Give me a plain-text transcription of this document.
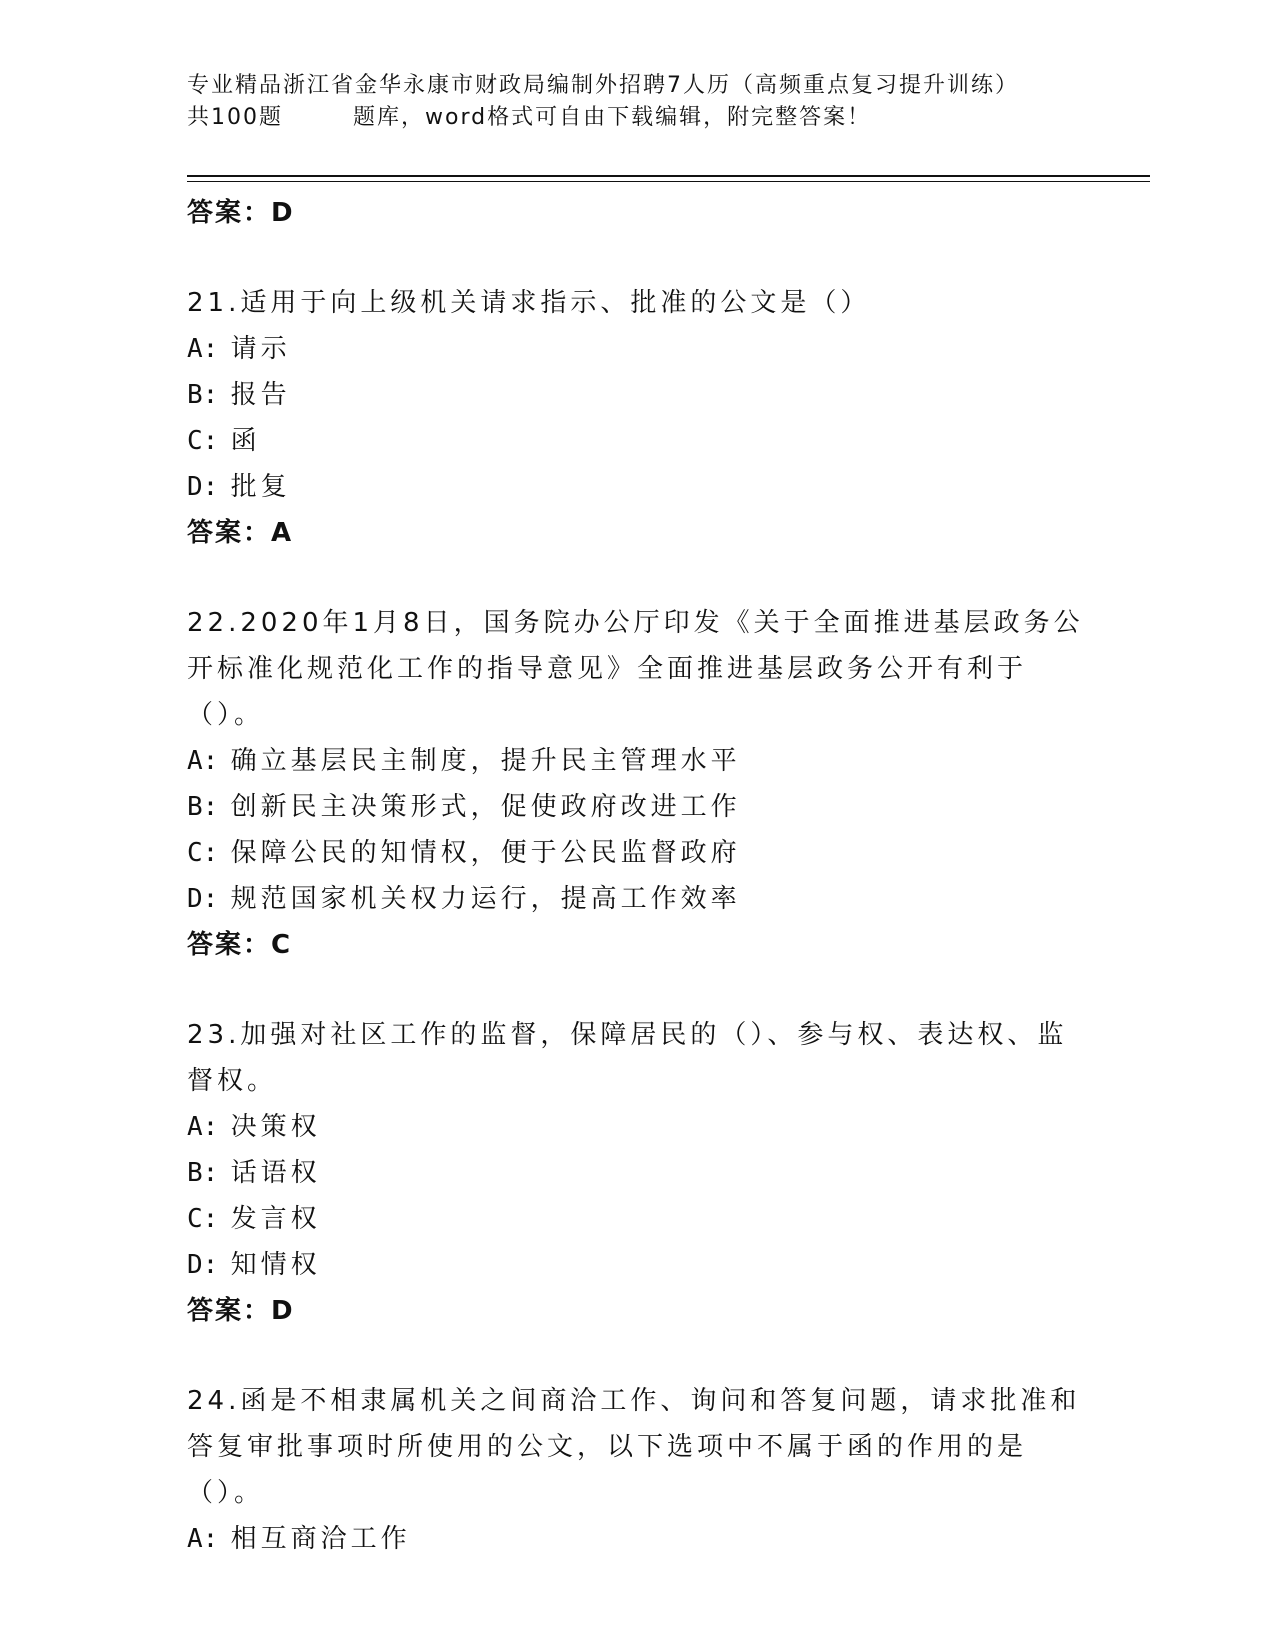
专业精品浙江省金华永康市财政局编制外招聘7人历（高频重点复习提升训练）
共100题	题库，word格式可自由下载编辑，附完整答案！
答案：D
21.适用于向上级机关请求指示、批准的公文是（）
A: 请示
B: 报告
C: 函
D: 批复
答案：A
22.2020年1月8日，国务院办公厅印发《关于全面推进基层政务公开标准化规范化工作的指导意见》全面推进基层政务公开有利于（）。
A: 确立基层民主制度，提升民主管理水平
B: 创新民主决策形式，促使政府改进工作
C: 保障公民的知情权，便于公民监督政府
D: 规范国家机关权力运行，提高工作效率
答案：C
23.加强对社区工作的监督，保障居民的（）、参与权、表达权、监督权。
A: 决策权
B: 话语权
C: 发言权
D: 知情权
答案：D
24.函是不相隶属机关之间商洽工作、询问和答复问题，请求批准和答复审批事项时所使用的公文，以下选项中不属于函的作用的是（）。
A: 相互商洽工作
